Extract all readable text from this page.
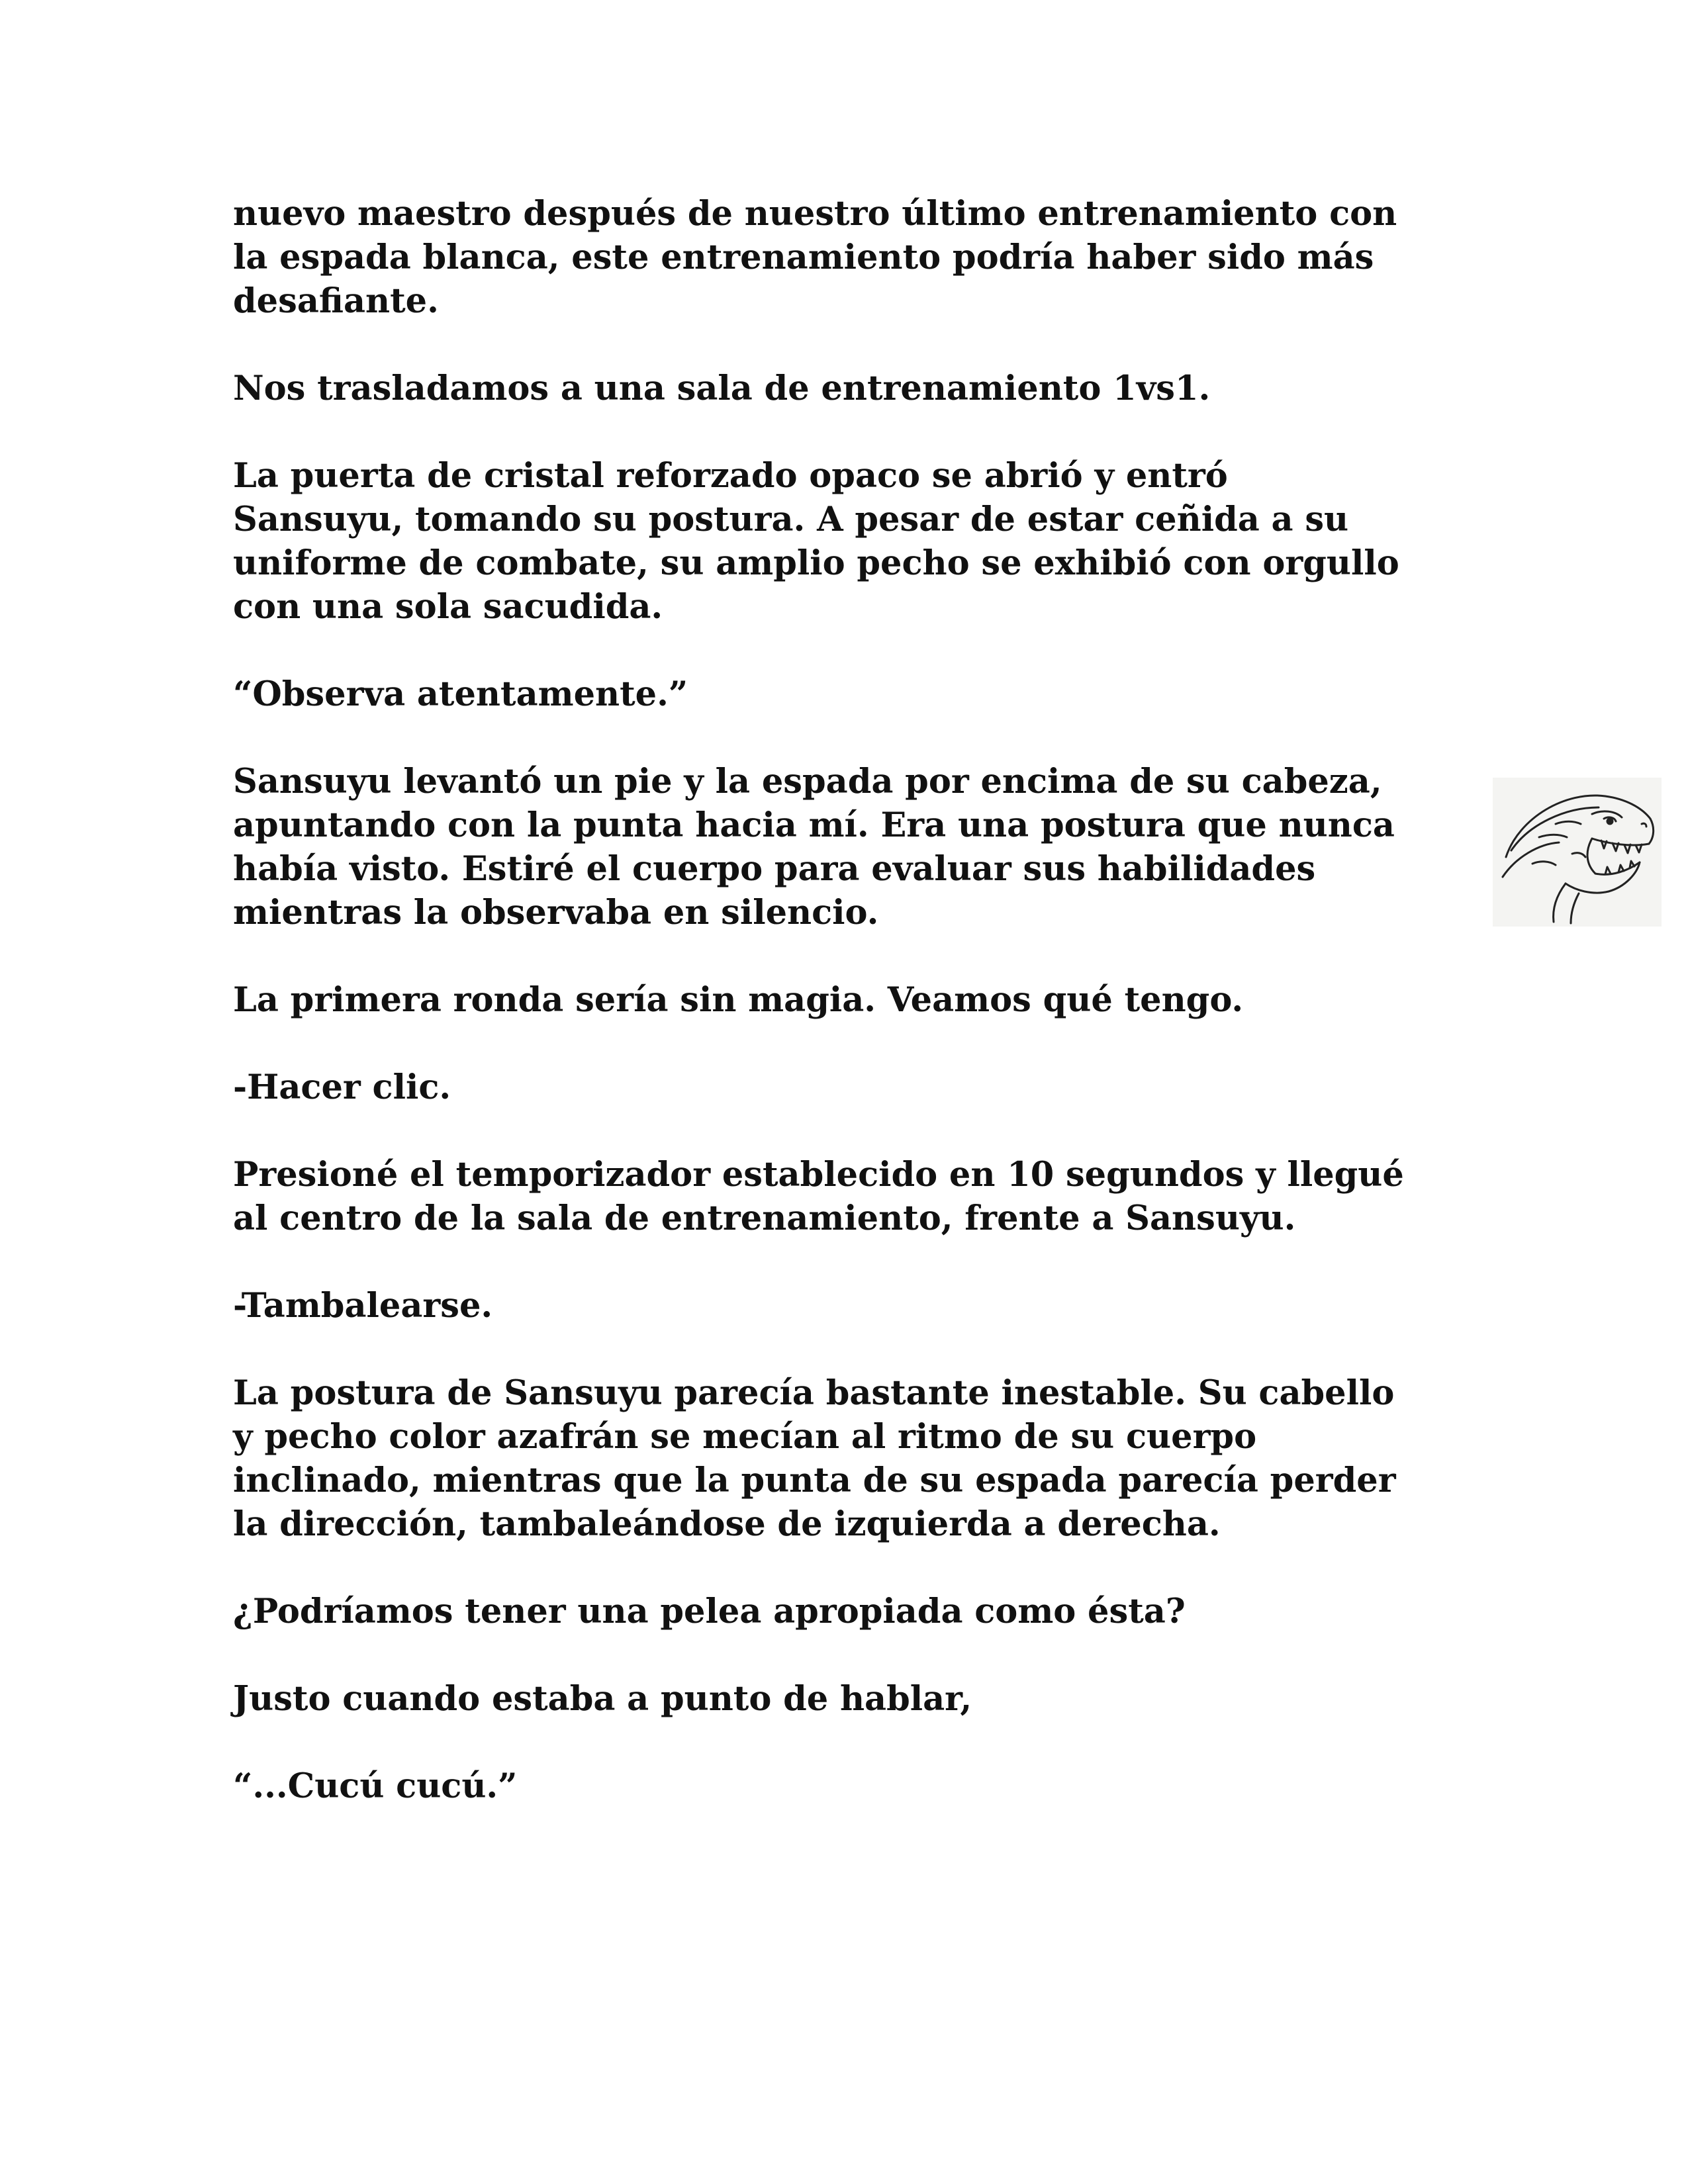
nuevo maestro después de nuestro último entrenamiento con
la espada blanca, este entrenamiento podría haber sido más
desafiante.
Nos trasladamos a una sala de entrenamiento 1vs1.
La puerta de cristal reforzado opaco se abrió y entró
Sansuyu, tomando su postura. A pesar de estar ceñida a su
uniforme de combate, su amplio pecho se exhibió con orgullo
con una sola sacudida.
“Observa atentamente.”
Sansuyu levantó un pie y la espada por encima de su cabeza,
apuntando con la punta hacia mí. Era una postura que nunca
había visto. Estiré el cuerpo para evaluar sus habilidades
mientras la observaba en silencio.
La primera ronda sería sin magia. Veamos qué tengo.
-Hacer clic.
Presioné el temporizador establecido en 10 segundos y llegué
al centro de la sala de entrenamiento, frente a Sansuyu.
-Tambalearse.
La postura de Sansuyu parecía bastante inestable. Su cabello
y pecho color azafrán se mecían al ritmo de su cuerpo
inclinado, mientras que la punta de su espada parecía perder
la dirección, tambaleándose de izquierda a derecha.
¿Podríamos tener una pelea apropiada como ésta?
Justo cuando estaba a punto de hablar,
“...Cucú cucú.”
